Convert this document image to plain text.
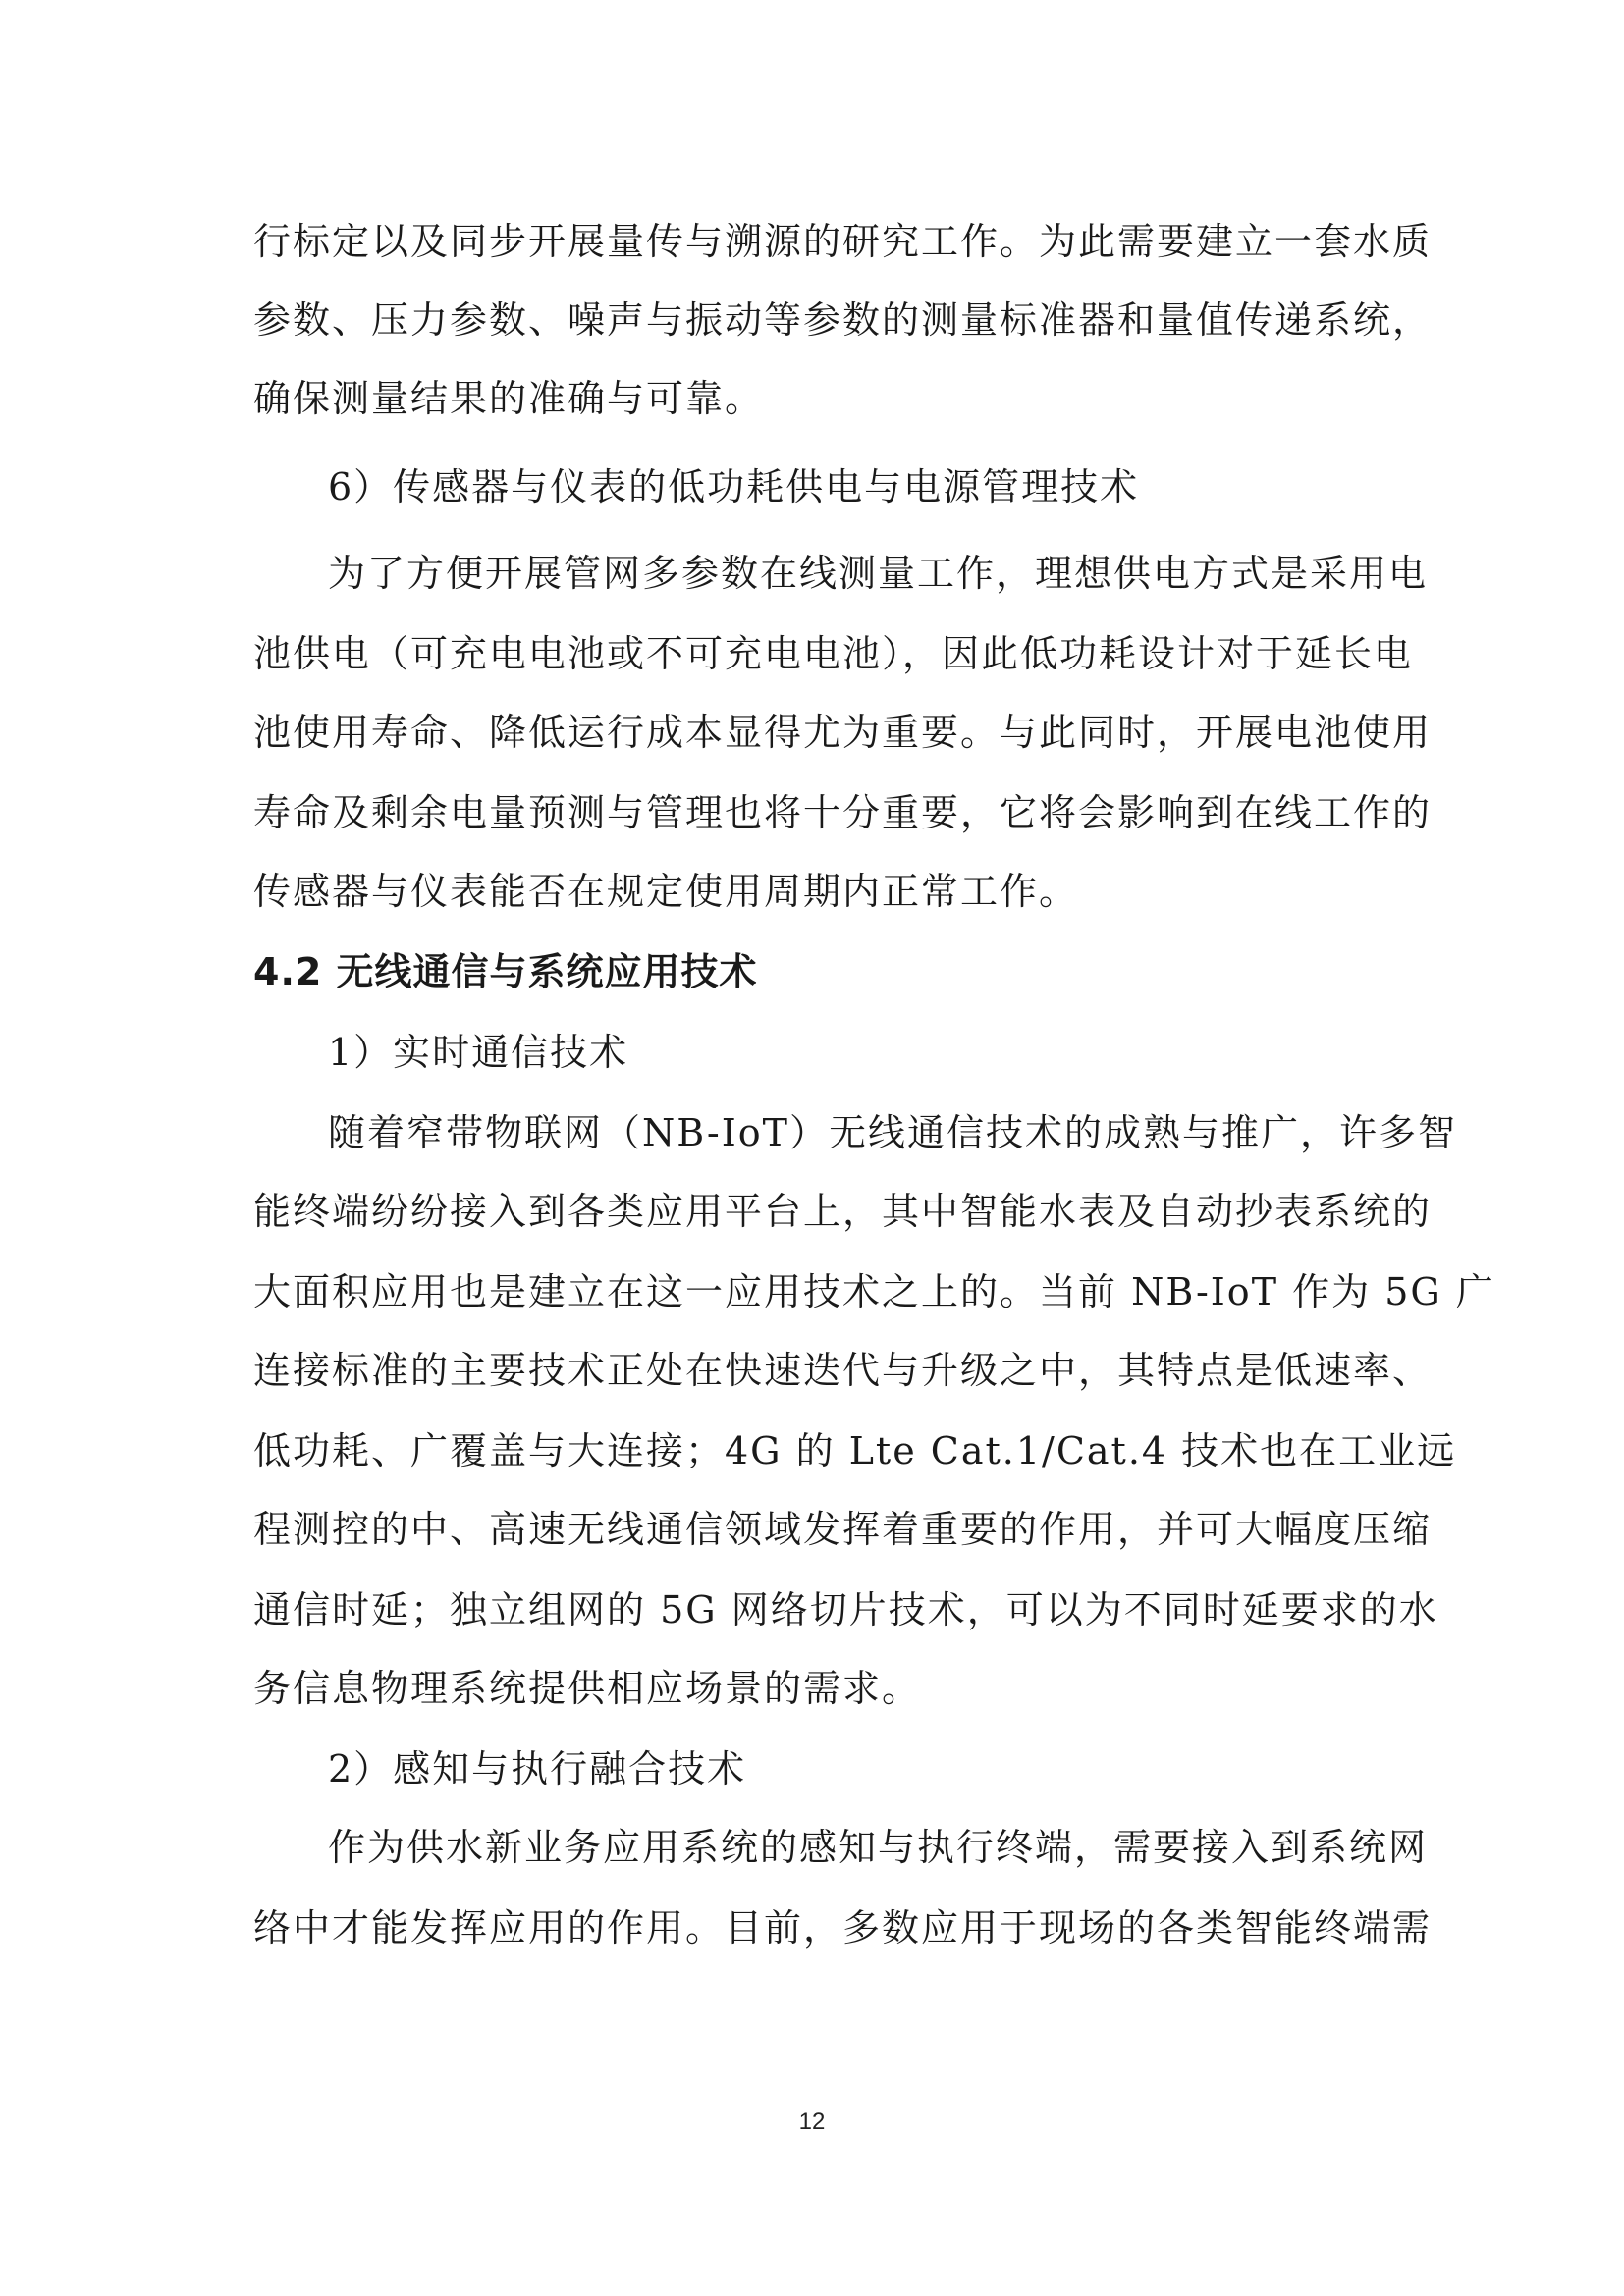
行标定以及同步开展量传与溯源的研究工作。为此需要建立一套水质
参数、压力参数、噪声与振动等参数的测量标准器和量值传递系统，
确保测量结果的准确与可靠。
6）传感器与仪表的低功耗供电与电源管理技术
为了方便开展管网多参数在线测量工作，理想供电方式是采用电
池供电（可充电电池或不可充电电池），因此低功耗设计对于延长电
池使用寿命、降低运行成本显得尤为重要。与此同时，开展电池使用
寿命及剩余电量预测与管理也将十分重要，它将会影响到在线工作的
传感器与仪表能否在规定使用周期内正常工作。
4.2 无线通信与系统应用技术
1）实时通信技术
随着窄带物联网（NB-IoT）无线通信技术的成熟与推广，许多智
能终端纷纷接入到各类应用平台上，其中智能水表及自动抄表系统的
大面积应用也是建立在这一应用技术之上的。当前 NB-IoT 作为 5G 广
连接标准的主要技术正处在快速迭代与升级之中，其特点是低速率、
低功耗、广覆盖与大连接；4G 的 Lte Cat.1/Cat.4 技术也在工业远
程测控的中、高速无线通信领域发挥着重要的作用，并可大幅度压缩
通信时延；独立组网的 5G 网络切片技术，可以为不同时延要求的水
务信息物理系统提供相应场景的需求。
2）感知与执行融合技术
作为供水新业务应用系统的感知与执行终端，需要接入到系统网
络中才能发挥应用的作用。目前，多数应用于现场的各类智能终端需
12
